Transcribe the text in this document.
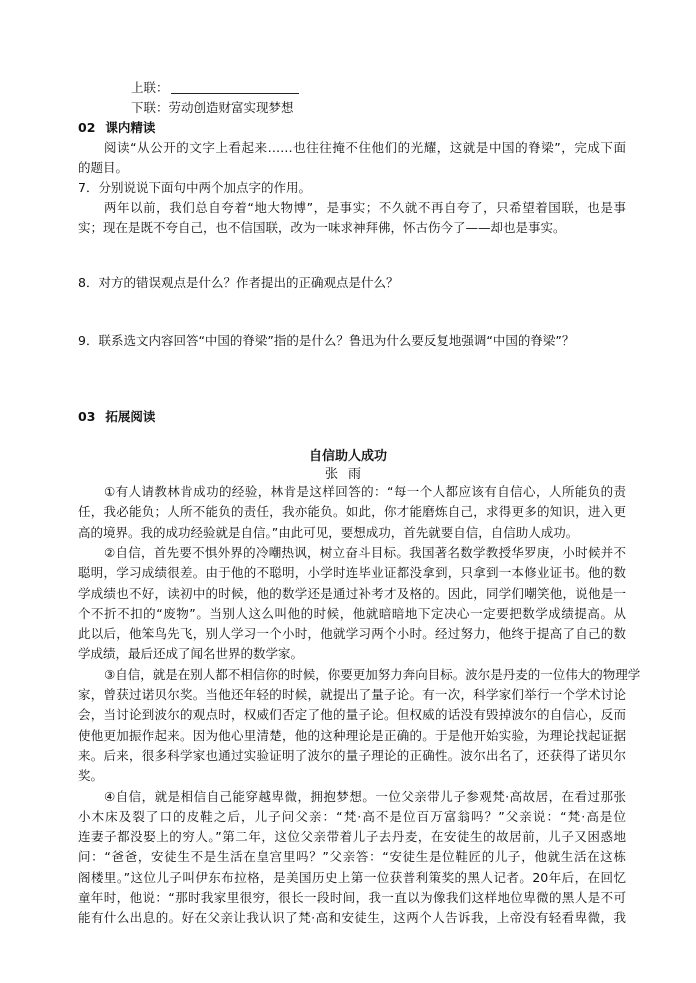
上联：
下联：劳动创造财富实现梦想
02 课内精读
阅读“从公开的文字上看起来……也往往掩不住他们的光耀，这就是中国的脊梁”，完成下面
的题目。
7．分别说说下面句中两个加点字的作用。
两年以前，我们总自夸着“地大物博”，是事实；不久就不再自夸了，只希望着国联，也是事
实；现在是既不夸自己，也不信国联，改为一味求神拜佛，怀古伤今了——却也是事实。
8．对方的错误观点是什么？作者提出的正确观点是什么？
9．联系选文内容回答“中国的脊梁”指的是什么？鲁迅为什么要反复地强调“中国的脊梁”？
03 拓展阅读
自信助人成功
张雨
①有人请教林肯成功的经验，林肯是这样回答的：“每一个人都应该有自信心，人所能负的责
任，我必能负；人所不能负的责任，我亦能负。如此，你才能磨炼自己，求得更多的知识，进入更
高的境界。我的成功经验就是自信。”由此可见，要想成功，首先就要自信，自信助人成功。
②自信，首先要不惧外界的冷嘲热讽，树立奋斗目标。我国著名数学教授华罗庚，小时候并不
聪明，学习成绩很差。由于他的不聪明，小学时连毕业证都没拿到，只拿到一本修业证书。他的数
学成绩也不好，读初中的时候，他的数学还是通过补考才及格的。因此，同学们嘲笑他，说他是一
个不折不扣的“废物”。当别人这么叫他的时候，他就暗暗地下定决心一定要把数学成绩提高。从
此以后，他笨鸟先飞，别人学习一个小时，他就学习两个小时。经过努力，他终于提高了自己的数
学成绩，最后还成了闻名世界的数学家。
③自信，就是在别人都不相信你的时候，你要更加努力奔向目标。波尔是丹麦的一位伟大的物理学
家，曾获过诺贝尔奖。当他还年轻的时候，就提出了量子论。有一次，科学家们举行一个学术讨论
会，当讨论到波尔的观点时，权威们否定了他的量子论。但权威的话没有毁掉波尔的自信心，反而
使他更加振作起来。因为他心里清楚，他的这种理论是正确的。于是他开始实验，为理论找起证据
来。后来，很多科学家也通过实验证明了波尔的量子理论的正确性。波尔出名了，还获得了诺贝尔
奖。
④自信，就是相信自己能穿越卑微，拥抱梦想。一位父亲带儿子参观梵·高故居，在看过那张
小木床及裂了口的皮鞋之后，儿子问父亲：“梵·高不是位百万富翁吗？”父亲说：“梵·高是位
连妻子都没娶上的穷人。”第二年，这位父亲带着儿子去丹麦，在安徒生的故居前，儿子又困惑地
问：“爸爸，安徒生不是生活在皇宫里吗？”父亲答：“安徒生是位鞋匠的儿子，他就生活在这栋
阁楼里。”这位儿子叫伊东布拉格，是美国历史上第一位获普利策奖的黑人记者。20年后，在回忆
童年时，他说：“那时我家里很穷，很长一段时间，我一直以为像我们这样地位卑微的黑人是不可
能有什么出息的。好在父亲让我认识了梵·高和安徒生，这两个人告诉我，上帝没有轻看卑微，我
